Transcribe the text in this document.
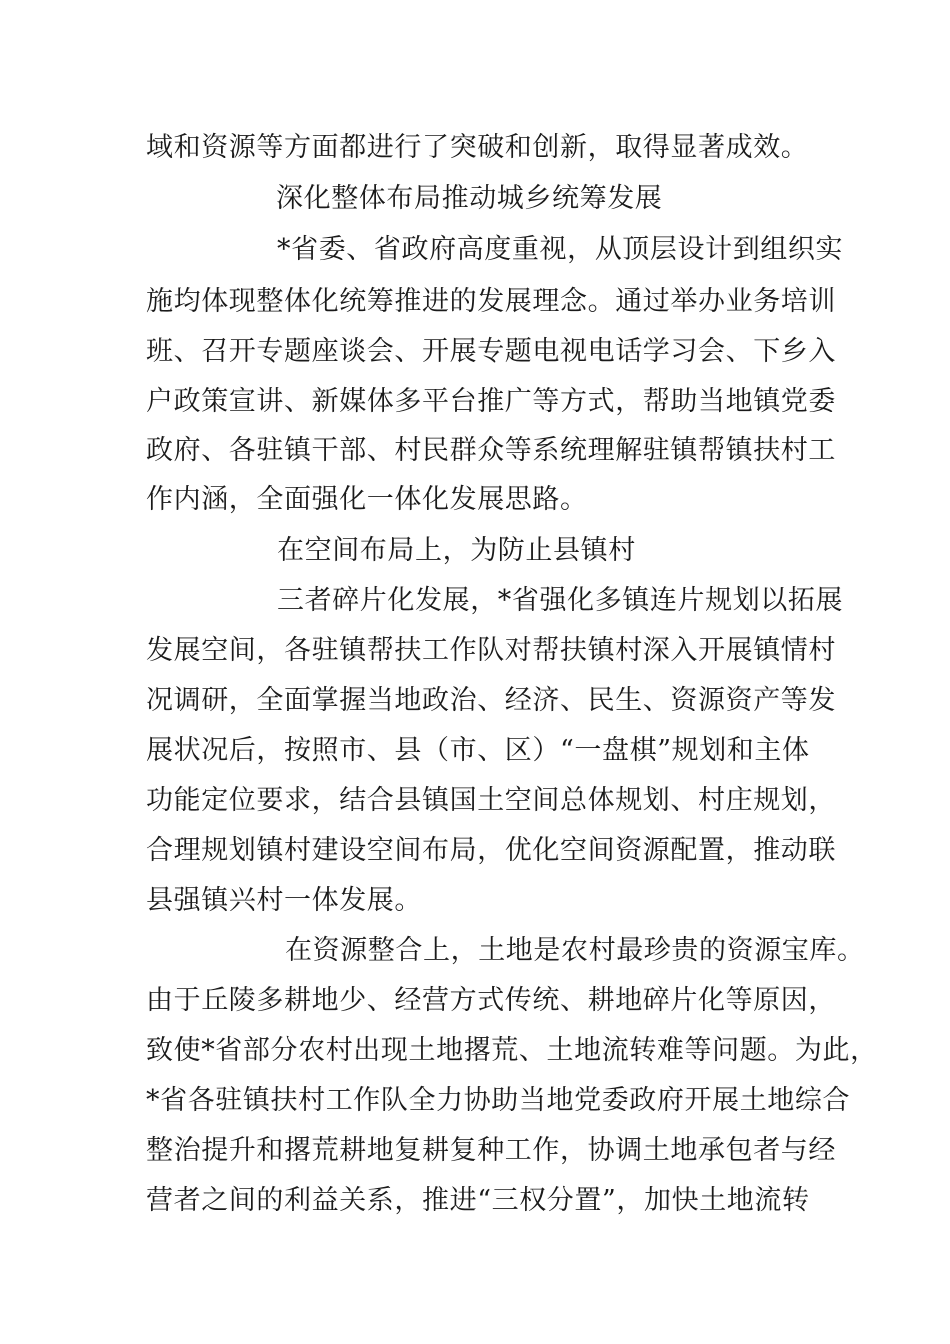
域和资源等方面都进行了突破和创新，取得显著成效。
深化整体布局推动城乡统筹发展
*省委、省政府高度重视，从顶层设计到组织实
施均体现整体化统筹推进的发展理念。通过举办业务培训
班、召开专题座谈会、开展专题电视电话学习会、下乡入
户政策宣讲、新媒体多平台推广等方式，帮助当地镇党委
政府、各驻镇干部、村民群众等系统理解驻镇帮镇扶村工
作内涵，全面强化一体化发展思路。
在空间布局上，为防止县镇村
三者碎片化发展，*省强化多镇连片规划以拓展
发展空间，各驻镇帮扶工作队对帮扶镇村深入开展镇情村
况调研，全面掌握当地政治、经济、民生、资源资产等发
展状况后，按照市、县（市、区）“一盘棋”规划和主体
功能定位要求，结合县镇国土空间总体规划、村庄规划，
合理规划镇村建设空间布局，优化空间资源配置，推动联
县强镇兴村一体发展。
在资源整合上，土地是农村最珍贵的资源宝库。
由于丘陵多耕地少、经营方式传统、耕地碎片化等原因，
致使*省部分农村出现土地撂荒、土地流转难等问题。为此，
*省各驻镇扶村工作队全力协助当地党委政府开展土地综合
整治提升和撂荒耕地复耕复种工作，协调土地承包者与经
营者之间的利益关系，推进“三权分置”，加快土地流转
